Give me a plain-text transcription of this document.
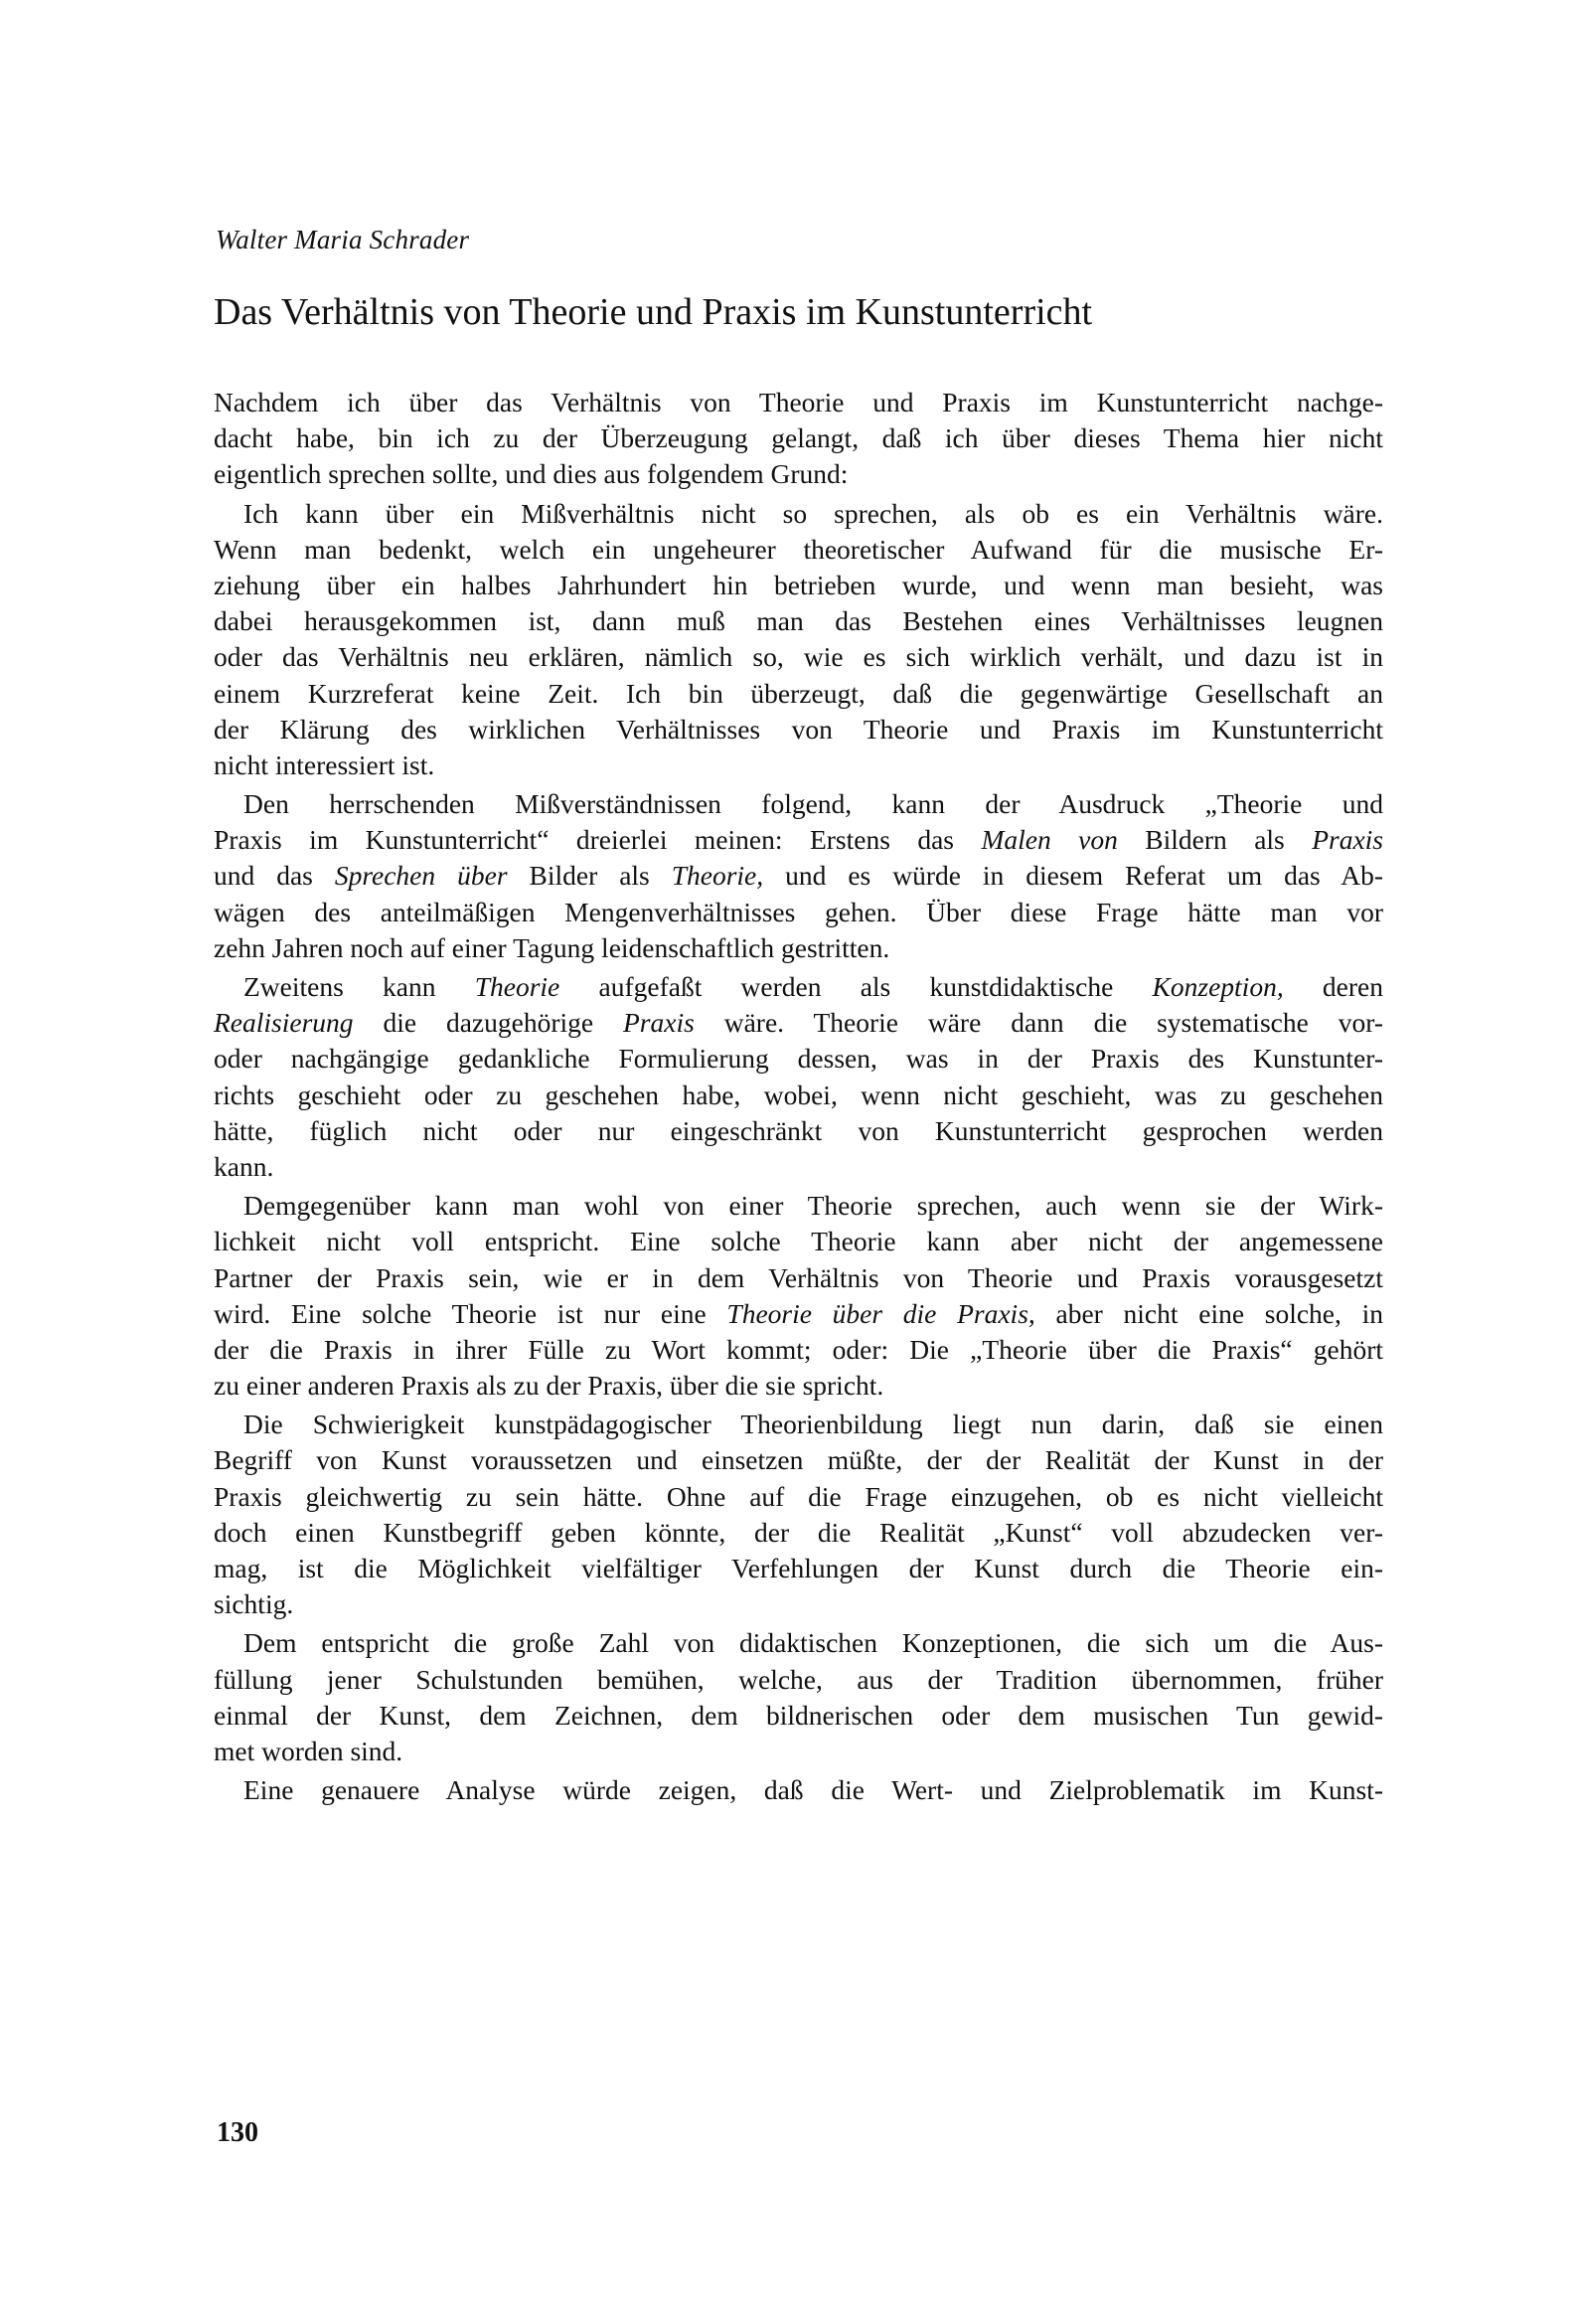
Walter Maria Schrader
Das Verhältnis von Theorie und Praxis im Kunstunterricht
Nachdem ich über das Verhältnis von Theorie und Praxis im Kunstunterricht nachge-
dacht habe, bin ich zu der Überzeugung gelangt, daß ich über dieses Thema hier nicht
eigentlich sprechen sollte, und dies aus folgendem Grund:
Ich kann über ein Mißverhältnis nicht so sprechen, als ob es ein Verhältnis wäre.
Wenn man bedenkt, welch ein ungeheurer theoretischer Aufwand für die musische Er-
ziehung über ein halbes Jahrhundert hin betrieben wurde, und wenn man besieht, was
dabei herausgekommen ist, dann muß man das Bestehen eines Verhältnisses leugnen
oder das Verhältnis neu erklären, nämlich so, wie es sich wirklich verhält, und dazu ist in
einem Kurzreferat keine Zeit. Ich bin überzeugt, daß die gegenwärtige Gesellschaft an
der Klärung des wirklichen Verhältnisses von Theorie und Praxis im Kunstunterricht
nicht interessiert ist.
Den herrschenden Mißverständnissen folgend, kann der Ausdruck „Theorie und
Praxis im Kunstunterricht“ dreierlei meinen: Erstens das Malen von Bildern als Praxis
und das Sprechen über Bilder als Theorie, und es würde in diesem Referat um das Ab-
wägen des anteilmäßigen Mengenverhältnisses gehen. Über diese Frage hätte man vor
zehn Jahren noch auf einer Tagung leidenschaftlich gestritten.
Zweitens kann Theorie aufgefaßt werden als kunstdidaktische Konzeption, deren
Realisierung die dazugehörige Praxis wäre. Theorie wäre dann die systematische vor-
oder nachgängige gedankliche Formulierung dessen, was in der Praxis des Kunstunter-
richts geschieht oder zu geschehen habe, wobei, wenn nicht geschieht, was zu geschehen
hätte, füglich nicht oder nur eingeschränkt von Kunstunterricht gesprochen werden
kann.
Demgegenüber kann man wohl von einer Theorie sprechen, auch wenn sie der Wirk-
lichkeit nicht voll entspricht. Eine solche Theorie kann aber nicht der angemessene
Partner der Praxis sein, wie er in dem Verhältnis von Theorie und Praxis vorausgesetzt
wird. Eine solche Theorie ist nur eine Theorie über die Praxis, aber nicht eine solche, in
der die Praxis in ihrer Fülle zu Wort kommt; oder: Die „Theorie über die Praxis“ gehört
zu einer anderen Praxis als zu der Praxis, über die sie spricht.
Die Schwierigkeit kunstpädagogischer Theorienbildung liegt nun darin, daß sie einen
Begriff von Kunst voraussetzen und einsetzen müßte, der der Realität der Kunst in der
Praxis gleichwertig zu sein hätte. Ohne auf die Frage einzugehen, ob es nicht vielleicht
doch einen Kunstbegriff geben könnte, der die Realität „Kunst“ voll abzudecken ver-
mag, ist die Möglichkeit vielfältiger Verfehlungen der Kunst durch die Theorie ein-
sichtig.
Dem entspricht die große Zahl von didaktischen Konzeptionen, die sich um die Aus-
füllung jener Schulstunden bemühen, welche, aus der Tradition übernommen, früher
einmal der Kunst, dem Zeichnen, dem bildnerischen oder dem musischen Tun gewid-
met worden sind.
Eine genauere Analyse würde zeigen, daß die Wert- und Zielproblematik im Kunst-
130
